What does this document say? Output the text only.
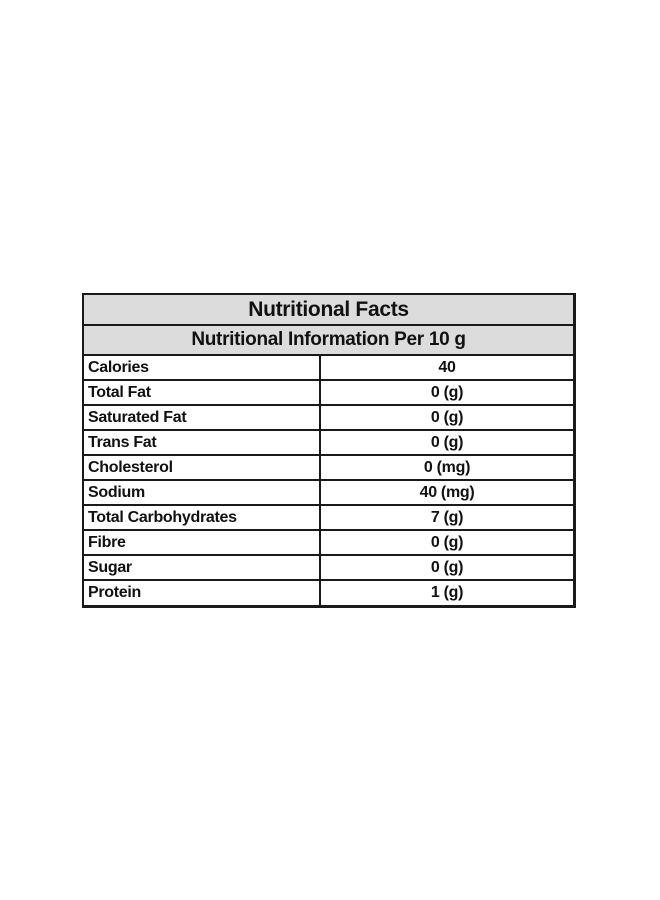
Nutritional Facts
Nutritional Information Per 10 g
Calories	40
Total Fat	0 (g)
Saturated Fat	0 (g)
Trans Fat	0 (g)
Cholesterol	0 (mg)
Sodium	40 (mg)
Total Carbohydrates	7 (g)
Fibre	0 (g)
Sugar	0 (g)
Protein	1 (g)
